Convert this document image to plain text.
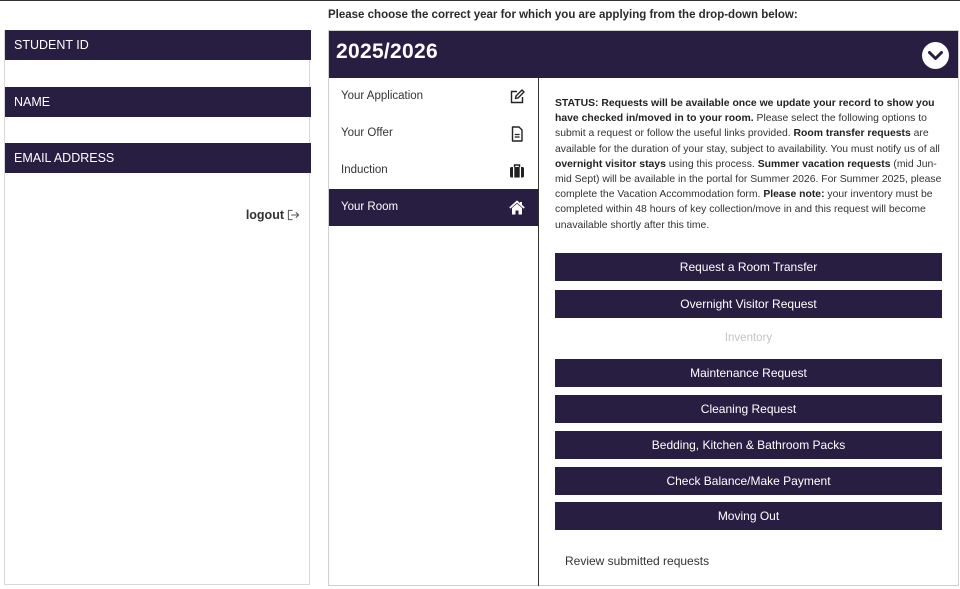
STUDENT ID
NAME
EMAIL ADDRESS
logout
Please choose the correct year for which you are applying from the drop-down below:
2025/2026
Your Application
Your Offer
Induction
Your Room

STATUS: Requests will be available once we update your record to show you have checked in/moved in to your room. Please select the following options to submit a request or follow the useful links provided. Room transfer requests are available for the duration of your stay, subject to availability. You must notify us of all overnight visitor stays using this process. Summer vacation requests (mid Jun-mid Sept) will be available in the portal for Summer 2026. For Summer 2025, please complete the Vacation Accommodation form. Please note: your inventory must be completed within 48 hours of key collection/move in and this request will become unavailable shortly after this time.

Request a Room Transfer
Overnight Visitor Request
Inventory
Maintenance Request
Cleaning Request
Bedding, Kitchen & Bathroom Packs
Check Balance/Make Payment
Moving Out
Review submitted requests
